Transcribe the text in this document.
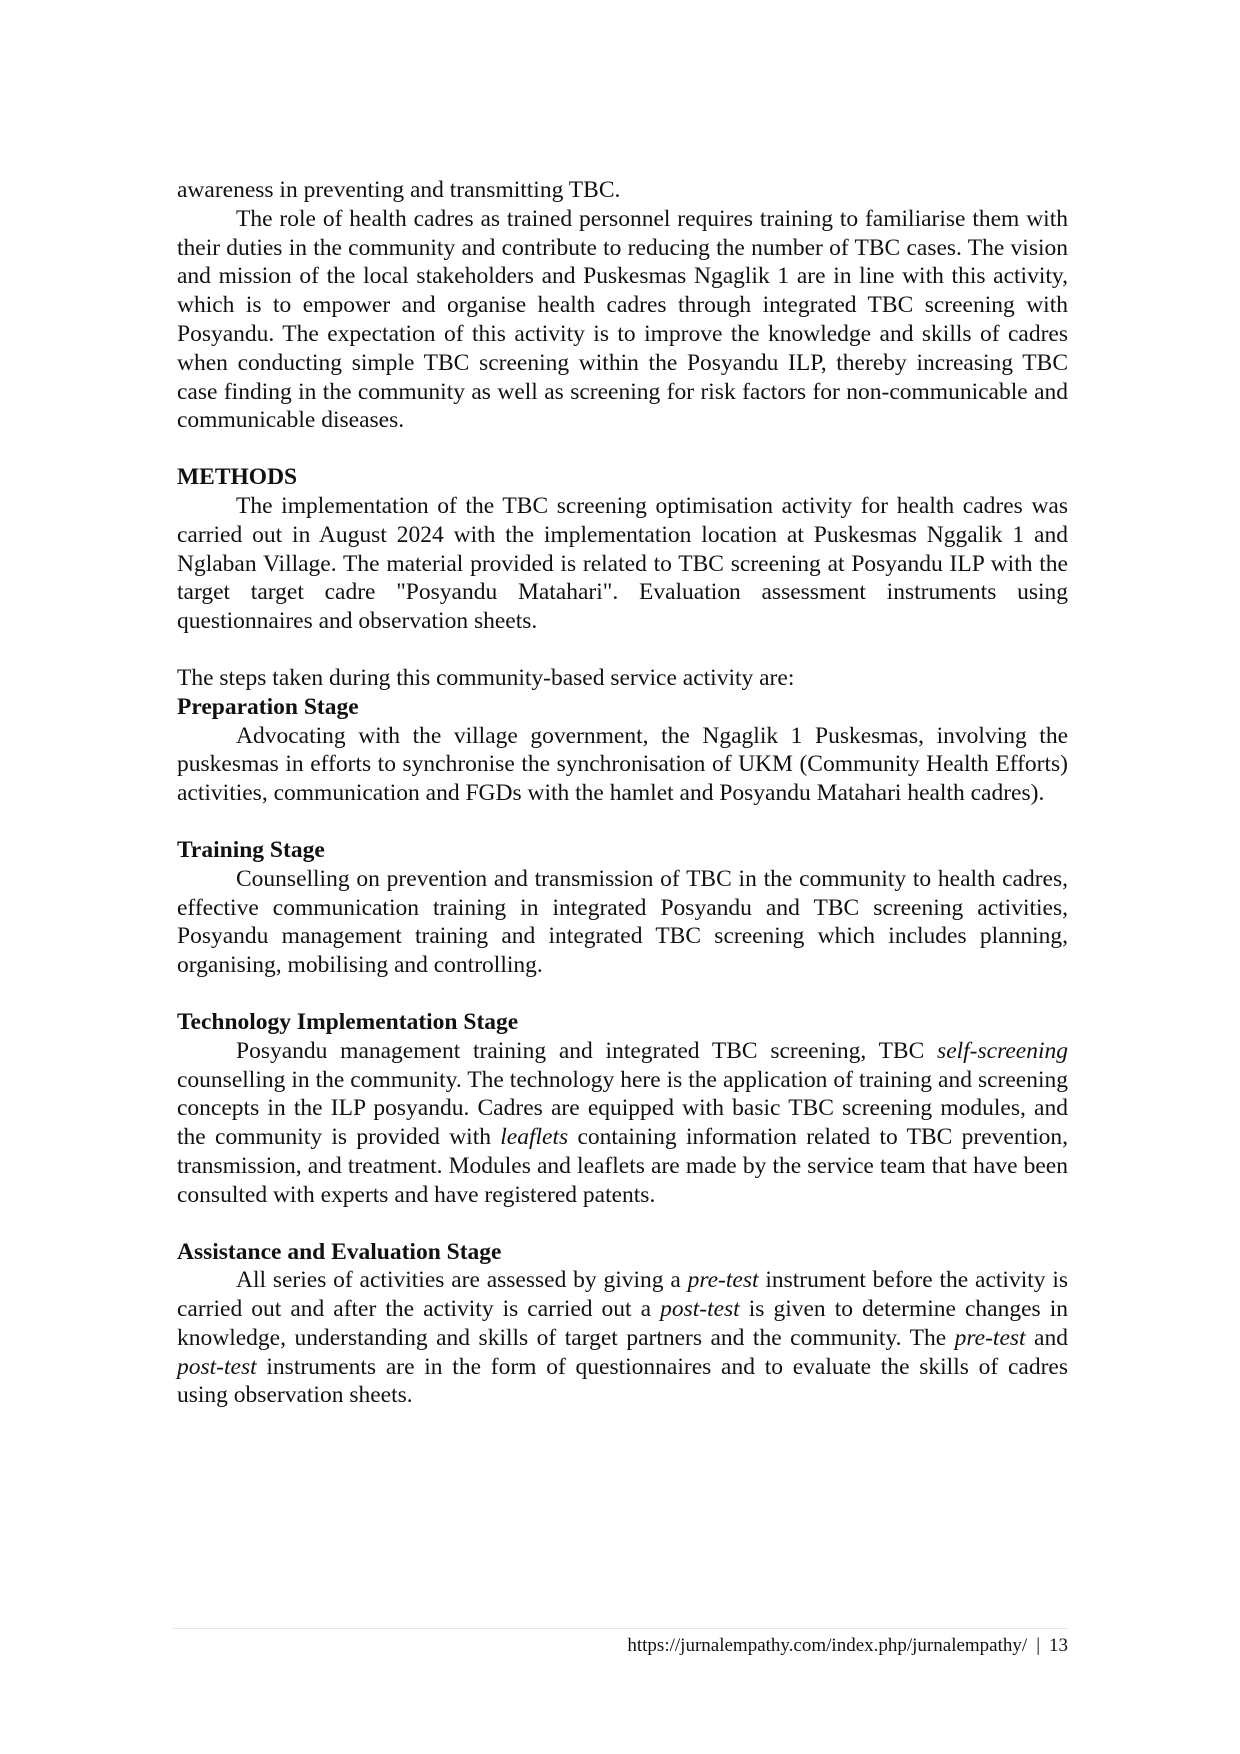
awareness in preventing and transmitting TBC.

The role of health cadres as trained personnel requires training to familiarise them with their duties in the community and contribute to reducing the number of TBC cases. The vision and mission of the local stakeholders and Puskesmas Ngaglik 1 are in line with this activity, which is to empower and organise health cadres through integrated TBC screening with Posyandu. The expectation of this activity is to improve the knowledge and skills of cadres when conducting simple TBC screening within the Posyandu ILP, thereby increasing TBC case finding in the community as well as screening for risk factors for non-communicable and communicable diseases.

METHODS

The implementation of the TBC screening optimisation activity for health cadres was carried out in August 2024 with the implementation location at Puskesmas Nggalik 1 and Nglaban Village. The material provided is related to TBC screening at Posyandu ILP with the target target cadre "Posyandu Matahari". Evaluation assessment instruments using questionnaires and observation sheets.

The steps taken during this community-based service activity are:

Preparation Stage

Advocating with the village government, the Ngaglik 1 Puskesmas, involving the puskesmas in efforts to synchronise the synchronisation of UKM (Community Health Efforts) activities, communication and FGDs with the hamlet and Posyandu Matahari health cadres).

Training Stage

Counselling on prevention and transmission of TBC in the community to health cadres, effective communication training in integrated Posyandu and TBC screening activities, Posyandu management training and integrated TBC screening which includes planning, organising, mobilising and controlling.

Technology Implementation Stage

Posyandu management training and integrated TBC screening, TBC self-screening counselling in the community. The technology here is the application of training and screening concepts in the ILP posyandu. Cadres are equipped with basic TBC screening modules, and the community is provided with leaflets containing information related to TBC prevention, transmission, and treatment. Modules and leaflets are made by the service team that have been consulted with experts and have registered patents.

Assistance and Evaluation Stage

All series of activities are assessed by giving a pre-test instrument before the activity is carried out and after the activity is carried out a post-test is given to determine changes in knowledge, understanding and skills of target partners and the community. The pre-test and post-test instruments are in the form of questionnaires and to evaluate the skills of cadres using observation sheets.

https://jurnalempathy.com/index.php/jurnalempathy/ | 13
